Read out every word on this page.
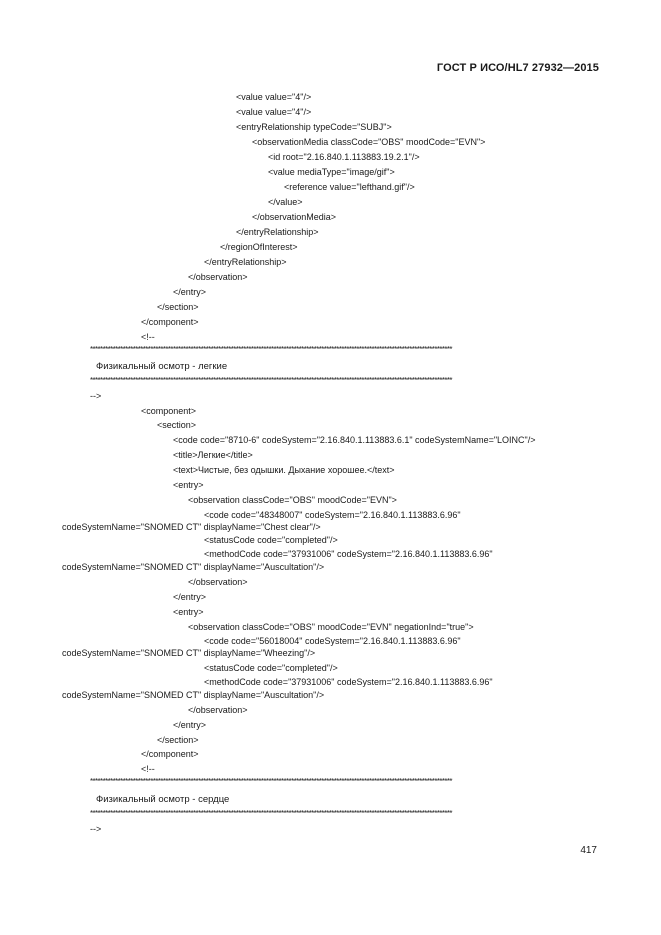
ГОСТ Р ИСО/HL7 27932—2015
<value value="4"/>
<value value="4"/>
<entryRelationship typeCode="SUBJ">
<observationMedia classCode="OBS" moodCode="EVN">
<id root="2.16.840.1.113883.19.2.1"/>
<value mediaType="image/gif">
<reference value="lefthand.gif"/>
</value>
</observationMedia>
</entryRelationship>
</regionOfInterest>
</entryRelationship>
</observation>
</entry>
</section>
</component>
<!--
************************************************************************************************************************************************
Физикальный осмотр - легкие
************************************************************************************************************************************************
-->
<component>
<section>
<code code="8710-6" codeSystem="2.16.840.1.113883.6.1" codeSystemName="LOINC"/>
<title>Легкие</title>
<text>Чистые, без одышки. Дыхание хорошее.</text>
<entry>
<observation classCode="OBS" moodCode="EVN">
<code code="48348007" codeSystem="2.16.840.1.113883.6.96"
codeSystemName="SNOMED CT" displayName="Chest clear"/>
<statusCode code="completed"/>
<methodCode code="37931006" codeSystem="2.16.840.1.113883.6.96"
codeSystemName="SNOMED CT" displayName="Auscultation"/>
</observation>
</entry>
<entry>
<observation classCode="OBS" moodCode="EVN" negationInd="true">
<code code="56018004" codeSystem="2.16.840.1.113883.6.96"
codeSystemName="SNOMED CT" displayName="Wheezing"/>
<statusCode code="completed"/>
<methodCode code="37931006" codeSystem="2.16.840.1.113883.6.96"
codeSystemName="SNOMED CT" displayName="Auscultation"/>
</observation>
</entry>
</section>
</component>
<!--
************************************************************************************************************************************************
Физикальный осмотр - сердце
************************************************************************************************************************************************
-->
417
